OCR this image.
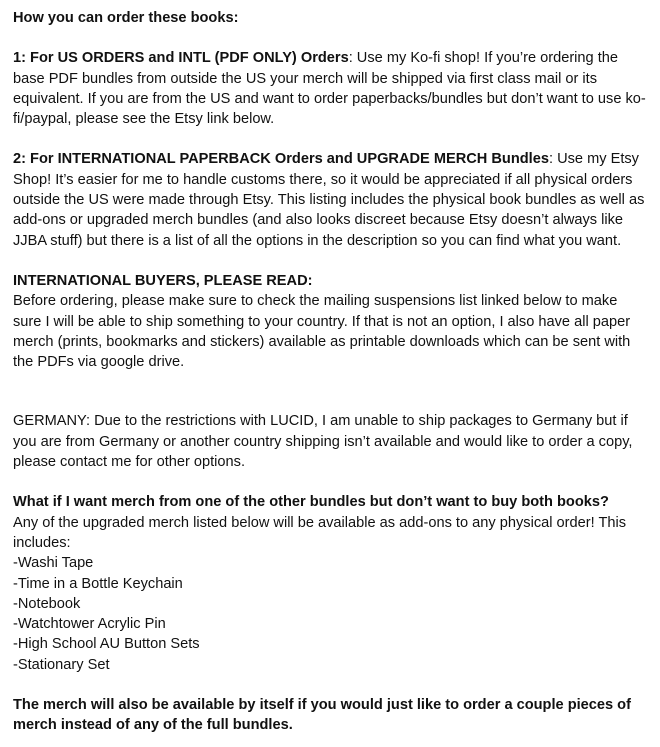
How you can order these books:

1: For US ORDERS and INTL (PDF ONLY) Orders: Use my Ko-fi shop! If you’re ordering the base PDF bundles from outside the US your merch will be shipped via first class mail or its equivalent. If you are from the US and want to order paperbacks/bundles but don’t want to use ko-fi/paypal, please see the Etsy link below.

2: For INTERNATIONAL PAPERBACK Orders and UPGRADE MERCH Bundles: Use my Etsy Shop! It’s easier for me to handle customs there, so it would be appreciated if all physical orders outside the US were made through Etsy. This listing includes the physical book bundles as well as add-ons or upgraded merch bundles (and also looks discreet because Etsy doesn’t always like JJBA stuff) but there is a list of all the options in the description so you can find what you want.

INTERNATIONAL BUYERS, PLEASE READ:

Before ordering, please make sure to check the mailing suspensions list linked below to make sure I will be able to ship something to your country. If that is not an option, I also have all paper merch (prints, bookmarks and stickers) available as printable downloads which can be sent with the PDFs via google drive.

GERMANY: Due to the restrictions with LUCID, I am unable to ship packages to Germany but if you are from Germany or another country shipping isn’t available and would like to order a copy, please contact me for other options.

What if I want merch from one of the other bundles but don’t want to buy both books?

Any of the upgraded merch listed below will be available as add-ons to any physical order! This includes:

-Washi Tape

-Time in a Bottle Keychain

-Notebook

-Watchtower Acrylic Pin

-High School AU Button Sets

-Stationary Set

The merch will also be available by itself if you would just like to order a couple pieces of merch instead of any of the full bundles.
